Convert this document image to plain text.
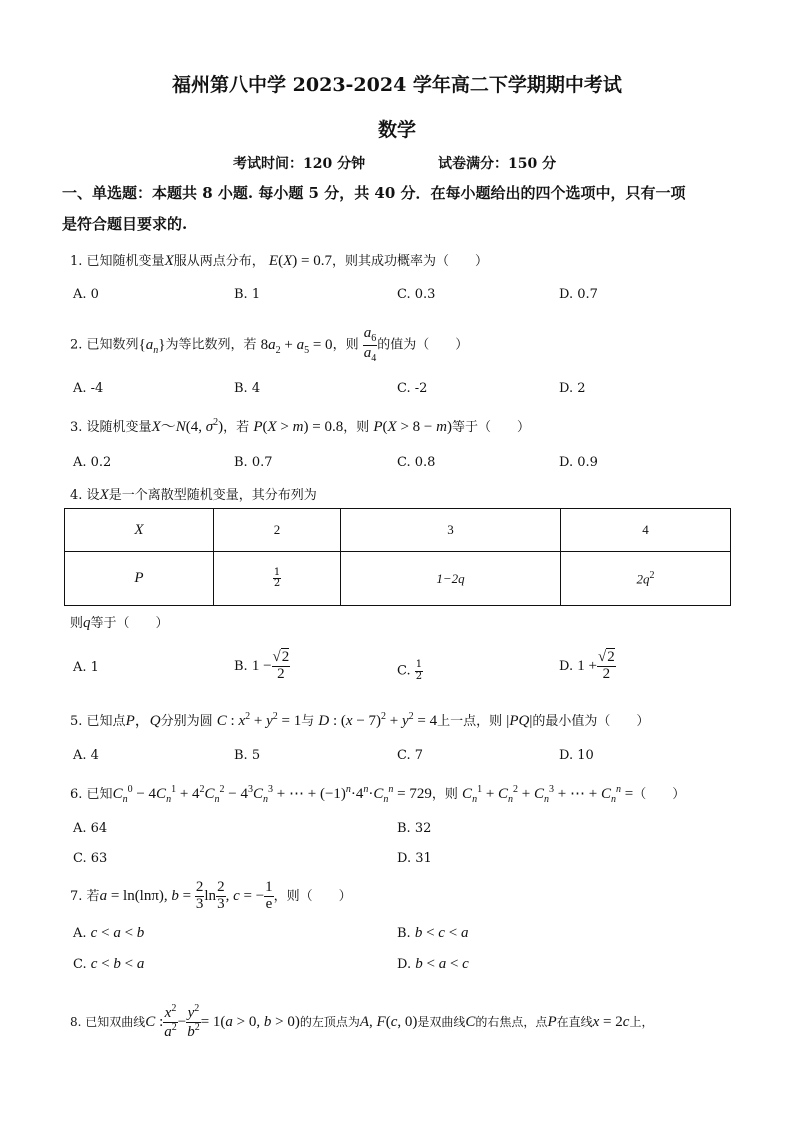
福州第八中学 2023-2024 学年高二下学期期中考试
数学
考试时间：120 分钟	试卷满分：150 分
一、单选题：本题共 8 小题. 每小题 5 分，共 40 分．在每小题给出的四个选项中，只有一项
是符合题目要求的.
1. 已知随机变量X服从两点分布， E(X) = 0.7，则其成功概率为（　　）
A. 0	B. 1	C. 0.3	D. 0.7
2. 已知数列$\{a_n\}$为等比数列，若 $8a_2 + a_5 = 0$，则 $\frac{a_6}{a_4}$ 的值为（　　）
A. -4	B. 4	C. -2	D. 2
3. 设随机变量X～N(4, $\sigma^2$)，若 P(X > m) = 0.8，则 P(X > 8 − m)等于（　　）
A. 0.2	B. 0.7	C. 0.8	D. 0.9
4. 设X是一个离散型随机变量，其分布列为
X	2	3	4
P	$\frac{1}{2}$	1−2q	$2q^2$
则q等于（　　）
A. 1	B. $1 - \frac{√2}{2}$	C. $\frac{1}{2}$	D. $1 + \frac{√2}{2}$
5. 已知点P，Q分别为圆 C : $x^2 + y^2 = 1$与 D : $(x - 7)^2 + y^2 = 4$上一点，则 |PQ|的最小值为（　　）
A. 4	B. 5	C. 7	D. 10
6. 已知$C_n^0 - 4C_n^1 + 4^2C_n^2 - 4^3C_n^3$ + ⋯ + $(-1)^n\cdot 4^n\cdot C_n^n = 729$，则 $C_n^1 + C_n^2 + C_n^3$ + ⋯ + $C_n^n$ =（　　）
A. 64	B. 32
C. 63	D. 31
7. 若a = ln(lnπ), $b = \frac{2}{3}$ $\ln \frac{2}{3}$ , c = − $\frac{1}{e}$ ，则（　　）
A. c < a < b	B. b < c < a
C. c < b < a	D. b < a < c
8. 已知双曲线C : $\frac{x^2}{a^2} - \frac{y^2}{b^2} = 1(a > 0$, b > 0)的左顶点为A, F(c, 0)是双曲线C的右焦点，点P在直线x = 2c上，
